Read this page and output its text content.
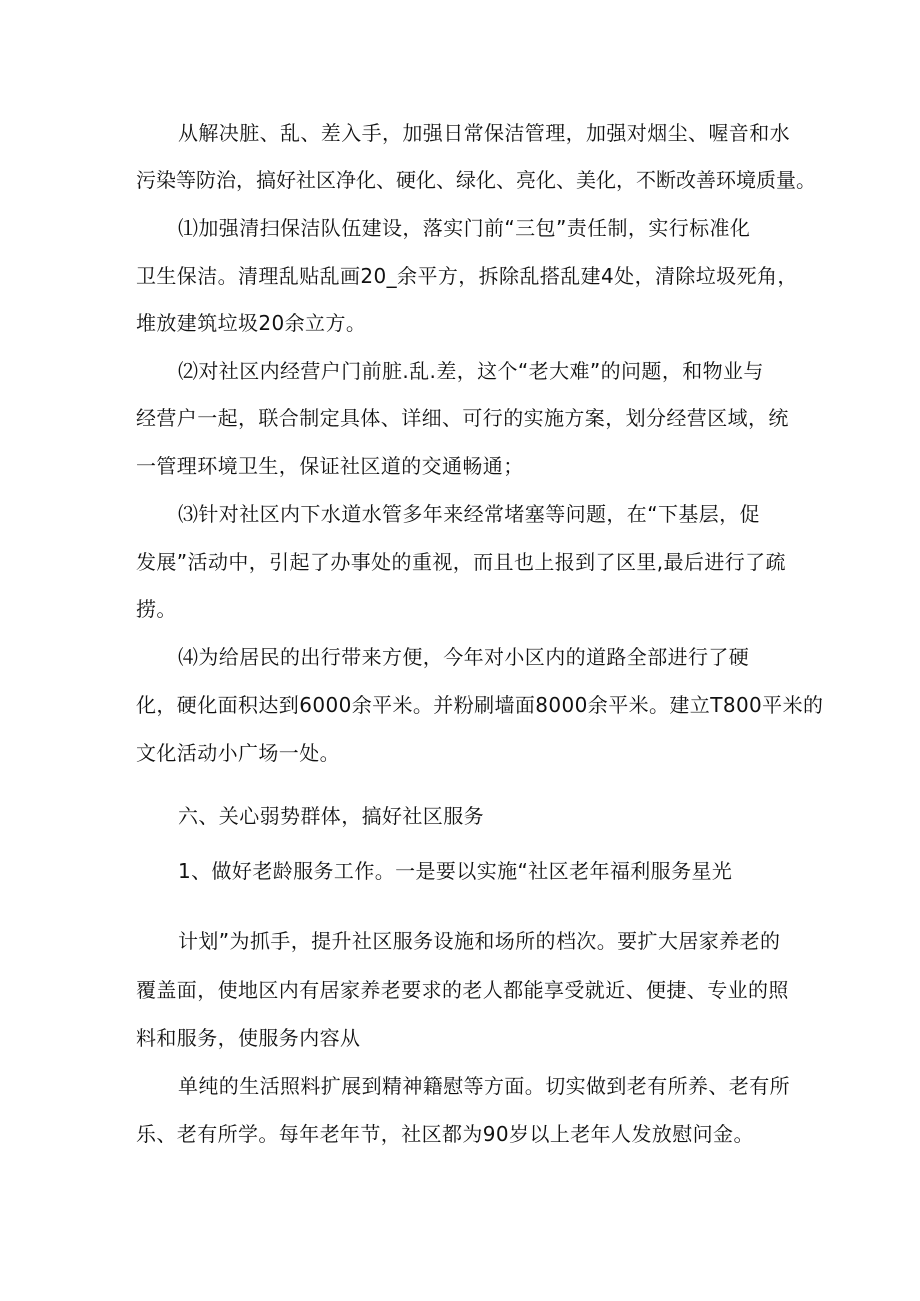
从解决脏、乱、差入手，加强日常保洁管理，加强对烟尘、喔音和水
污染等防治，搞好社区净化、硬化、绿化、亮化、美化，不断改善环境质量。
⑴加强清扫保洁队伍建设，落实门前“三包”责任制，实行标准化
卫生保洁。清理乱贴乱画20_余平方，拆除乱搭乱建4处，清除垃圾死角，
堆放建筑垃圾20余立方。
⑵对社区内经营户门前脏.乱.差，这个“老大难”的问题，和物业与
经营户一起，联合制定具体、详细、可行的实施方案，划分经营区域，统
一管理环境卫生，保证社区道的交通畅通；
⑶针对社区内下水道水管多年来经常堵塞等问题，在“下基层，促
发展”活动中，引起了办事处的重视，而且也上报到了区里,最后进行了疏
捞。
⑷为给居民的出行带来方便，今年对小区内的道路全部进行了硬
化，硬化面积达到6000余平米。并粉刷墙面8000余平米。建立T800平米的
文化活动小广场一处。
六、关心弱势群体，搞好社区服务
1、做好老龄服务工作。一是要以实施“社区老年福利服务星光
计划”为抓手，提升社区服务设施和场所的档次。要扩大居家养老的
覆盖面，使地区内有居家养老要求的老人都能享受就近、便捷、专业的照
料和服务，使服务内容从
单纯的生活照料扩展到精神籍慰等方面。切实做到老有所养、老有所
乐、老有所学。每年老年节，社区都为90岁以上老年人发放慰问金。
